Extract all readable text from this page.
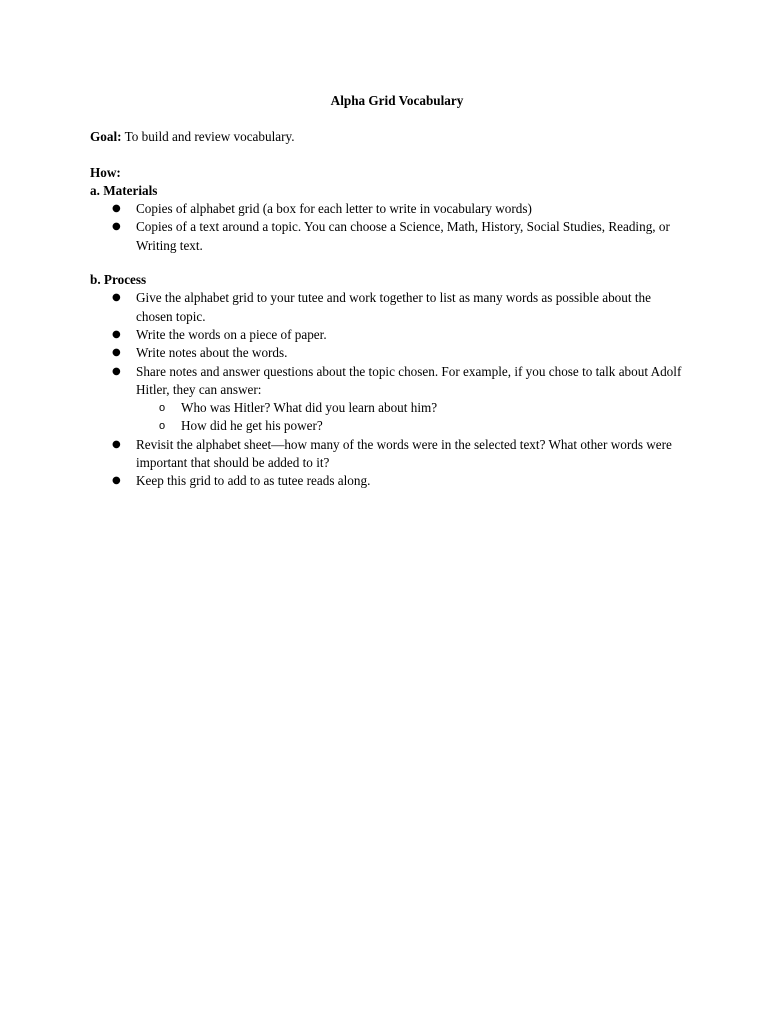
Alpha Grid Vocabulary

Goal: To build and review vocabulary.

How:

a. Materials

● Copies of alphabet grid (a box for each letter to write in vocabulary words)
● Copies of a text around a topic. You can choose a Science, Math, History, Social Studies, Reading, or Writing text.

b. Process

● Give the alphabet grid to your tutee and work together to list as many words as possible about the chosen topic.
● Write the words on a piece of paper.
● Write notes about the words.
● Share notes and answer questions about the topic chosen. For example, if you chose to talk about Adolf Hitler, they can answer:
o Who was Hitler? What did you learn about him?
o How did he get his power?
● Revisit the alphabet sheet—how many of the words were in the selected text? What other words were important that should be added to it?
● Keep this grid to add to as tutee reads along.
